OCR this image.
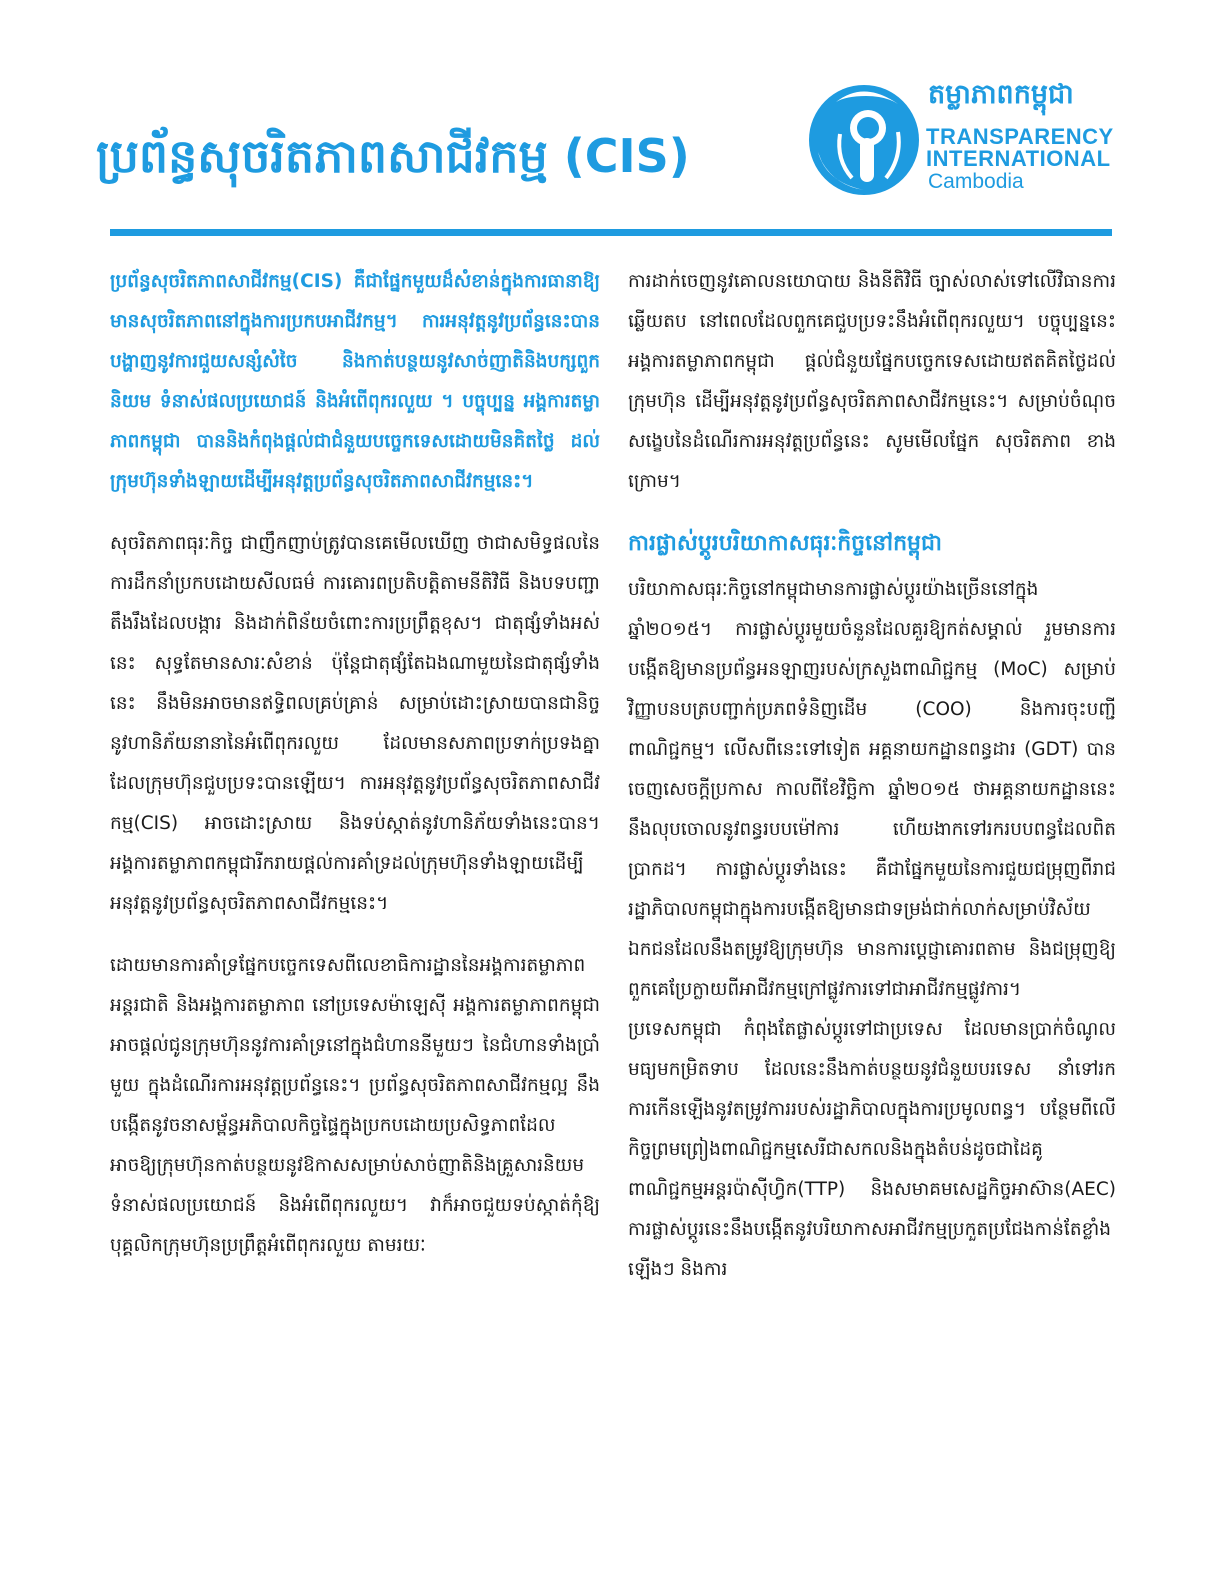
ប្រព័ន្ធសុចរិតភាពសាជីវកម្ម (CIS)
តម្លាភាពកម្ពុជា
TRANSPARENCY
INTERNATIONAL
Cambodia

ប្រព័ន្ធសុចរិតភាពសាជីវកម្ម(CIS) គឺជាផ្នែកមួយដ៏សំខាន់ក្នុងការធានាឱ្យមានសុចរិតភាពនៅក្នុងការប្រកបអាជីវកម្ម។ ការអនុវត្តនូវប្រព័ន្ធនេះបានបង្ហាញនូវការជួយសន្សំសំចៃ និងកាត់បន្ថយនូវសាច់ញាតិនិងបក្សពួកនិយម ទំនាស់ផលប្រយោជន៍ និងអំពើពុករលួយ ។ បច្ចុប្បន្ន អង្គការតម្លាភាពកម្ពុជា បាននិងកំពុងផ្តល់ជាជំនួយបច្ចេកទេសដោយមិនគិតថ្លៃ ដល់ក្រុមហ៊ុនទាំងឡាយដើម្បីអនុវត្តប្រព័ន្ធសុចរិតភាពសាជីវកម្មនេះ។

សុចរិតភាពធុរៈកិច្ច ជាញឹកញាប់ត្រូវបានគេមើលឃើញ ថាជាសមិទ្ធផលនៃការដឹកនាំប្រកបដោយសីលធម៌ ការគោរពប្រតិបត្តិតាមនីតិវិធី និងបទបញ្ជាតឹងរឹងដែលបង្ការ និងដាក់ពិន័យចំពោះការប្រព្រឹត្តខុស។ ជាតុផ្សំទាំងអស់នេះ សុទ្ធតែមានសារៈសំខាន់ ប៉ុន្តែជាតុផ្សំតែឯងណាមួយនៃជាតុផ្សំទាំងនេះ នឹងមិនអាចមានឥទ្ធិពលគ្រប់គ្រាន់ សម្រាប់ដោះស្រាយបានជានិច្ចនូវហានិភ័យនានានៃអំពើពុករលួយ ដែលមានសភាពប្រទាក់ប្រទងគ្នា ដែលក្រុមហ៊ុនជួបប្រទះបានឡើយ។ ការអនុវត្តនូវប្រព័ន្ធសុចរិតភាពសាជីវកម្ម(CIS) អាចដោះស្រាយ និងទប់ស្កាត់នូវហានិភ័យទាំងនេះបាន។ អង្គការតម្លាភាពកម្ពុជារីករាយផ្តល់ការគាំទ្រដល់ក្រុមហ៊ុនទាំងឡាយដើម្បីអនុវត្តនូវប្រព័ន្ធសុចរិតភាពសាជីវកម្មនេះ។

ដោយមានការគាំទ្រផ្នែកបច្ចេកទេសពីលេខាធិការដ្ឋាននៃអង្គការតម្លាភាពអន្តរជាតិ និងអង្គការតម្លាភាព នៅប្រទេសម៉ាឡេស៊ី អង្គការតម្លាភាពកម្ពុជាអាចផ្តល់ជូនក្រុមហ៊ុននូវការគាំទ្រនៅក្នុងជំហាននីមួយៗ នៃជំហានទាំងប្រាំមួយ ក្នុងដំណើរការអនុវត្តប្រព័ន្ធនេះ។ ប្រព័ន្ធសុចរិតភាពសាជីវកម្មល្អ នឹងបង្កើតនូវចនាសម្ព័ន្ធអភិបាលកិច្ចផ្ទៃក្នុងប្រកបដោយប្រសិទ្ធភាពដែលអាចឱ្យក្រុមហ៊ុនកាត់បន្ថយនូវឱកាសសម្រាប់សាច់ញាតិនិងគ្រួសារនិយម ទំនាស់ផលប្រយោជន៍ និងអំពើពុករលួយ។ វាក៏អាចជួយទប់ស្កាត់កុំឱ្យបុគ្គលិកក្រុមហ៊ុនប្រព្រឹត្តអំពើពុករលួយ តាមរយៈ

ការដាក់ចេញនូវគោលនយោបាយ និងនីតិវិធី ច្បាស់លាស់ទៅលើវិធានការឆ្លើយតប នៅពេលដែលពួកគេជួបប្រទះនឹងអំពើពុករលួយ។ បច្ចុប្បន្ននេះ អង្គការតម្លាភាពកម្ពុជា ផ្តល់ជំនួយផ្នែកបច្ចេកទេសដោយឥតគិតថ្លៃដល់ក្រុមហ៊ុន ដើម្បីអនុវត្តនូវប្រព័ន្ធសុចរិតភាពសាជីវកម្មនេះ។ សម្រាប់ចំណុចសង្ខេបនៃដំណើរការអនុវត្តប្រព័ន្ធនេះ សូមមើលផ្នែក សុចរិតភាព ខាងក្រោម។

ការផ្លាស់ប្តូរបរិយាកាសធុរៈកិច្ចនៅកម្ពុជា

បរិយាកាសធុរៈកិច្ចនៅកម្ពុជាមានការផ្លាស់ប្តូរយ៉ាងច្រើននៅក្នុងឆ្នាំ២០១៥។ ការផ្លាស់ប្តូរមួយចំនួនដែលគួរឱ្យកត់សម្គាល់ រួមមានការបង្កើតឱ្យមានប្រព័ន្ធអនឡាញរបស់ក្រសួងពាណិជ្ជកម្ម (MoC) សម្រាប់វិញ្ញាបនបត្របញ្ជាក់ប្រភពទំនិញដើម (COO) និងការចុះបញ្ជីពាណិជ្ជកម្ម។ លើសពីនេះទៅទៀត អគ្គនាយកដ្ឋានពន្ធដារ (GDT) បានចេញសេចក្តីប្រកាស កាលពីខែវិច្ឆិកា ឆ្នាំ២០១៥ ថាអគ្គនាយកដ្ឋាននេះ នឹងលុបចោលនូវពន្ធរបបម៉ៅការ ហើយងាកទៅរករបបពន្ធដែលពិតប្រាកដ។ ការផ្លាស់ប្តូរទាំងនេះ គឺជាផ្នែកមួយនៃការជួយជម្រុញពីរាជរដ្ឋាភិបាលកម្ពុជាក្នុងការបង្កើតឱ្យមានជាទម្រង់ជាក់លាក់សម្រាប់វិស័យឯកជនដែលនឹងតម្រូវឱ្យក្រុមហ៊ុន មានការប្តេជ្ញាគោរពតាម និងជម្រុញឱ្យពួកគេប្រែក្លាយពីអាជីវកម្មក្រៅផ្លូវការទៅជាអាជីវកម្មផ្លូវការ។ ប្រទេសកម្ពុជា កំពុងតែផ្លាស់ប្តូរទៅជាប្រទេស ដែលមានប្រាក់ចំណូលមធ្យមកម្រិតទាប ដែលនេះនឹងកាត់បន្ថយនូវជំនួយបរទេស នាំទៅរកការកើនឡើងនូវតម្រូវការរបស់រដ្ឋាភិបាលក្នុងការប្រមូលពន្ធ។ បន្ថែមពីលើកិច្ចព្រមព្រៀងពាណិជ្ជកម្មសេរីជាសកលនិងក្នុងតំបន់ដូចជាដៃគូពាណិជ្ជកម្មអន្តរប៉ាស៊ីហ្វិក(TTP) និងសមាគមសេដ្ឋកិច្ចអាស៊ាន(AEC) ការផ្លាស់ប្តូរនេះនឹងបង្កើតនូវបរិយាកាសអាជីវកម្មប្រកួតប្រជែងកាន់តែខ្លាំងឡើងៗ និងការ
